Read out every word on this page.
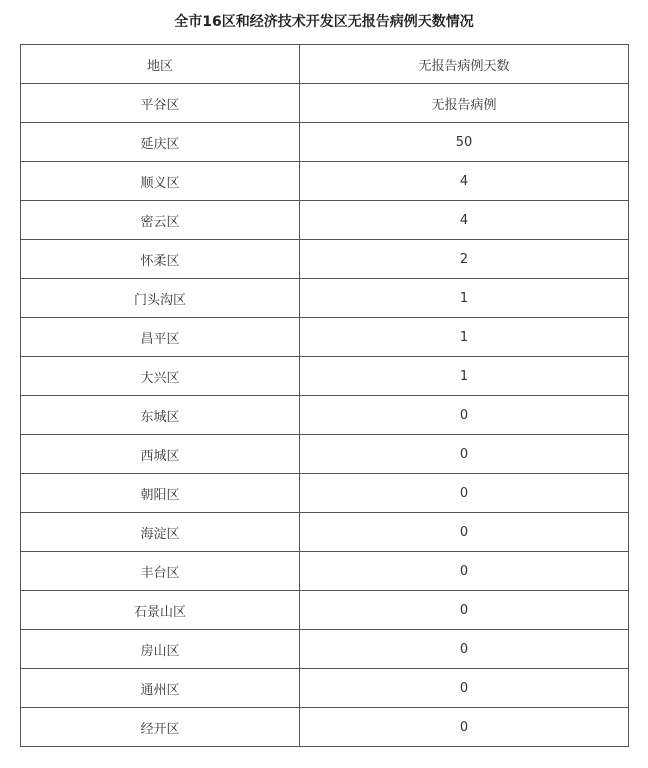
全市16区和经济技术开发区无报告病例天数情况
地区	无报告病例天数
平谷区	无报告病例
延庆区	50
顺义区	4
密云区	4
怀柔区	2
门头沟区	1
昌平区	1
大兴区	1
东城区	0
西城区	0
朝阳区	0
海淀区	0
丰台区	0
石景山区	0
房山区	0
通州区	0
经开区	0
